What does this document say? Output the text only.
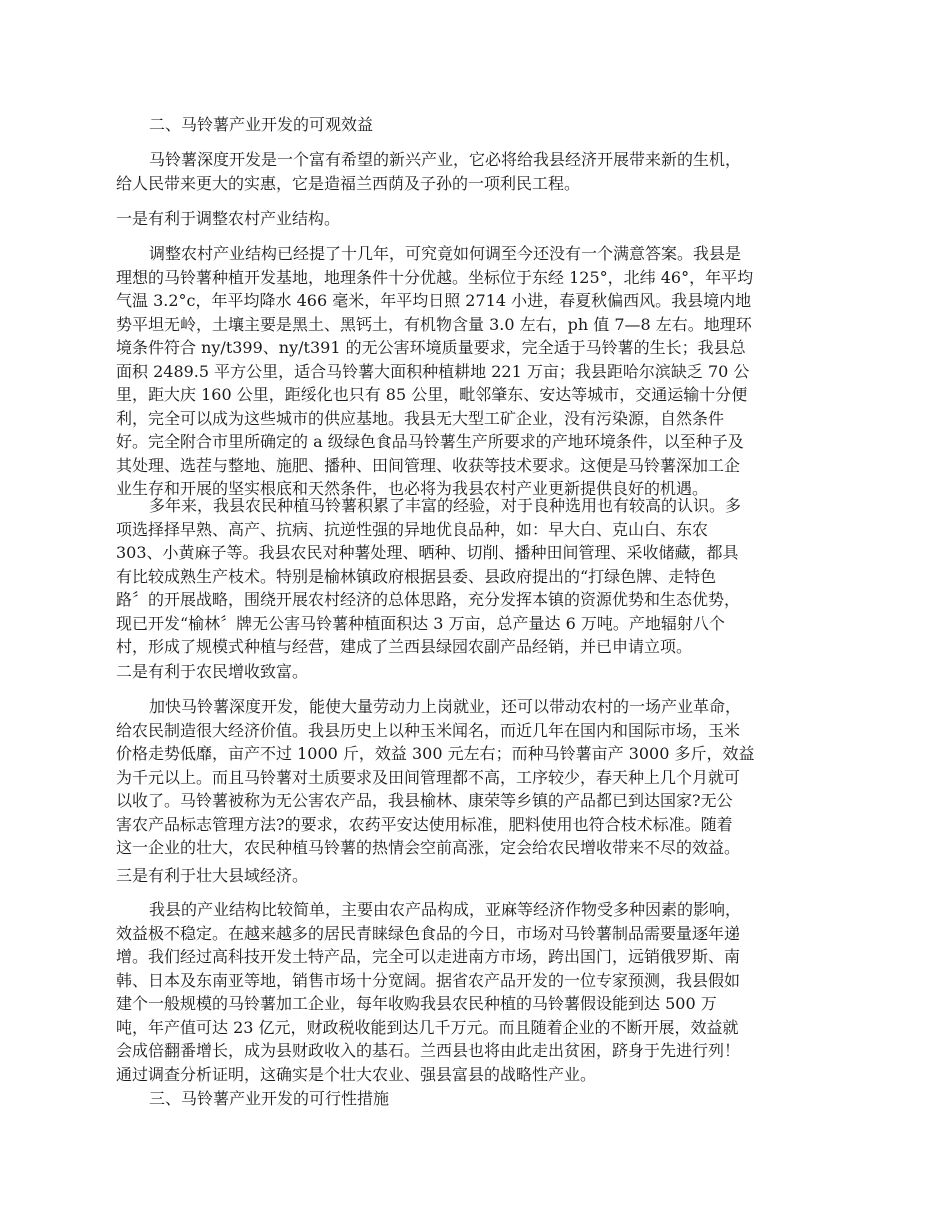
二、马铃薯产业开发的可观效益
马铃薯深度开发是一个富有希望的新兴产业，它必将给我县经济开展带来新的生机，
给人民带来更大的实惠，它是造福兰西荫及子孙的一项利民工程。
一是有利于调整农村产业结构。
调整农村产业结构已经提了十几年，可究竟如何调至今还没有一个满意答案。我县是
理想的马铃薯种植开发基地，地理条件十分优越。坐标位于东经 125°，北纬 46°，年平均
气温 3.2°c，年平均降水 466 毫米，年平均日照 2714 小进，春夏秋偏西风。我县境内地
势平坦无岭，土壤主要是黑土、黑钙土，有机物含量 3.0 左右，ph 值 7—8 左右。地理环
境条件符合 ny/t399、ny/t391 的无公害环境质量要求，完全适于马铃薯的生长；我县总
面积 2489.5 平方公里，适合马铃薯大面积种植耕地 221 万亩；我县距哈尔滨缺乏 70 公
里，距大庆 160 公里，距绥化也只有 85 公里，毗邻肇东、安达等城市，交通运输十分便
利，完全可以成为这些城市的供应基地。我县无大型工矿企业，没有污染源，自然条件
好。完全附合市里所确定的 a 级绿色食品马铃薯生产所要求的产地环境条件，以至种子及
其处理、选茬与整地、施肥、播种、田间管理、收获等技术要求。这便是马铃薯深加工企
业生存和开展的坚实根底和天然条件，也必将为我县农村产业更新提供良好的机遇。
多年来，我县农民种植马铃薯积累了丰富的经验，对于良种选用也有较高的认识。多
项选择择早熟、高产、抗病、抗逆性强的异地优良品种，如：早大白、克山白、东农
303、小黄麻子等。我县农民对种薯处理、晒种、切削、播种田间管理、采收储藏，都具
有比较成熟生产枝术。特别是榆林镇政府根据县委、县政府提出的“打绿色牌、走特色
路〞的开展战略，围绕开展农村经济的总体思路，充分发挥本镇的资源优势和生态优势，
现已开发“榆林〞牌无公害马铃薯种植面积达 3 万亩，总产量达 6 万吨。产地辐射八个
村，形成了规模式种植与经营，建成了兰西县绿园农副产品经销，并已申请立项。
二是有利于农民增收致富。
加快马铃薯深度开发，能使大量劳动力上岗就业，还可以带动农村的一场产业革命，
给农民制造很大经济价值。我县历史上以种玉米闻名，而近几年在国内和国际市场，玉米
价格走势低靡，亩产不过 1000 斤，效益 300 元左右；而种马铃薯亩产 3000 多斤，效益
为千元以上。而且马铃薯对土质要求及田间管理都不高，工序较少，春天种上几个月就可
以收了。马铃薯被称为无公害农产品，我县榆林、康荣等乡镇的产品都已到达国家?无公
害农产品标志管理方法?的要求，农药平安达使用标准，肥料使用也符合枝术标准。随着
这一企业的壮大，农民种植马铃薯的热情会空前高涨，定会给农民增收带来不尽的效益。
三是有利于壮大县域经济。
我县的产业结构比较简单，主要由农产品构成，亚麻等经济作物受多种因素的影响，
效益极不稳定。在越来越多的居民青睐绿色食品的今日，市场对马铃薯制品需要量逐年递
增。我们经过高科技开发土特产品，完全可以走进南方市场，跨出国门，远销俄罗斯、南
韩、日本及东南亚等地，销售市场十分宽阔。据省农产品开发的一位专家预测，我县假如
建个一般规模的马铃薯加工企业，每年收购我县农民种植的马铃薯假设能到达 500 万
吨，年产值可达 23 亿元，财政税收能到达几千万元。而且随着企业的不断开展，效益就
会成倍翻番增长，成为县财政收入的基石。兰西县也将由此走出贫困，跻身于先进行列！
通过调查分析证明，这确实是个壮大农业、强县富县的战略性产业。
三、马铃薯产业开发的可行性措施
